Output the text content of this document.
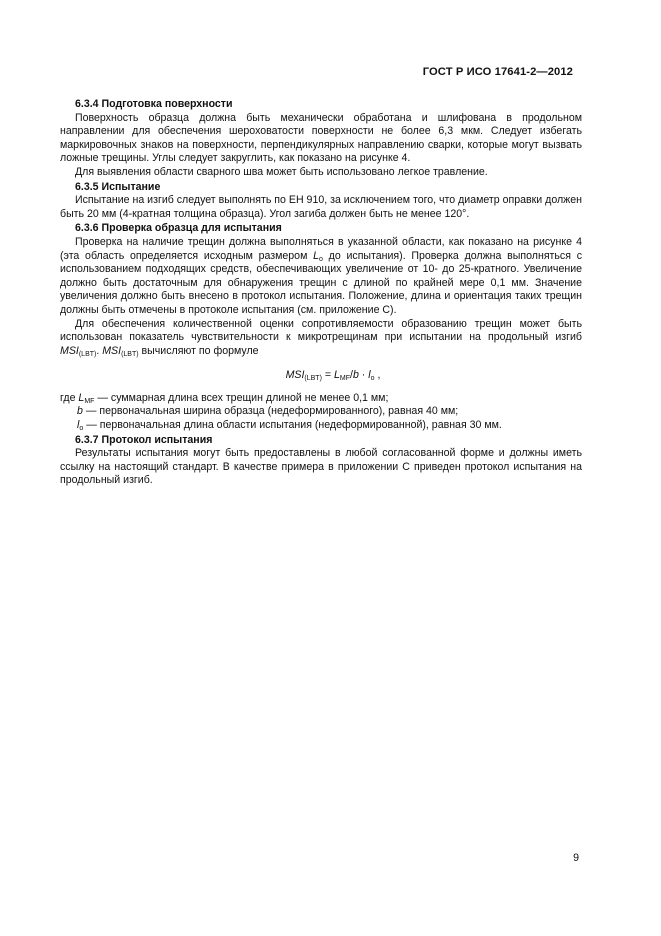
ГОСТ Р ИСО 17641-2—2012

6.3.4 Подготовка поверхности

Поверхность образца должна быть механически обработана и шлифована в продольном направлении для обеспечения шероховатости поверхности не более 6,3 мкм. Следует избегать маркировочных знаков на поверхности, перпендикулярных направлению сварки, которые могут вызвать ложные трещины. Углы следует закруглить, как показано на рисунке 4.

Для выявления области сварного шва может быть использовано легкое травление.

6.3.5 Испытание

Испытание на изгиб следует выполнять по ЕН 910, за исключением того, что диаметр оправки должен быть 20 мм (4-кратная толщина образца). Угол загиба должен быть не менее 120°.

6.3.6 Проверка образца для испытания

Проверка на наличие трещин должна выполняться в указанной области, как показано на рисунке 4 (эта область определяется исходным размером $L_o$ до испытания). Проверка должна выполняться с использованием подходящих средств, обеспечивающих увеличение от 10- до 25-кратного. Увеличение должно быть достаточным для обнаружения трещин с длиной по крайней мере 0,1 мм. Значение увеличения должно быть внесено в протокол испытания. Положение, длина и ориентация таких трещин должны быть отмечены в протоколе испытания (см. приложение С).

Для обеспечения количественной оценки сопротивляемости образованию трещин может быть использован показатель чувствительности к микротрещинам при испытании на продольный изгиб $MSI_{(LBT)}$. $MSI_{(LBT)}$ вычисляют по формуле

$MSI_{(LBT)} = L_{MF}/b \cdot l_o$ ,

где $L_{MF}$ — суммарная длина всех трещин длиной не менее 0,1 мм;

b — первоначальная ширина образца (недеформированного), равная 40 мм;

$l_o$ — первоначальная длина области испытания (недеформированной), равная 30 мм.

6.3.7 Протокол испытания

Результаты испытания могут быть предоставлены в любой согласованной форме и должны иметь ссылку на настоящий стандарт. В качестве примера в приложении С приведен протокол испытания на продольный изгиб.

9
